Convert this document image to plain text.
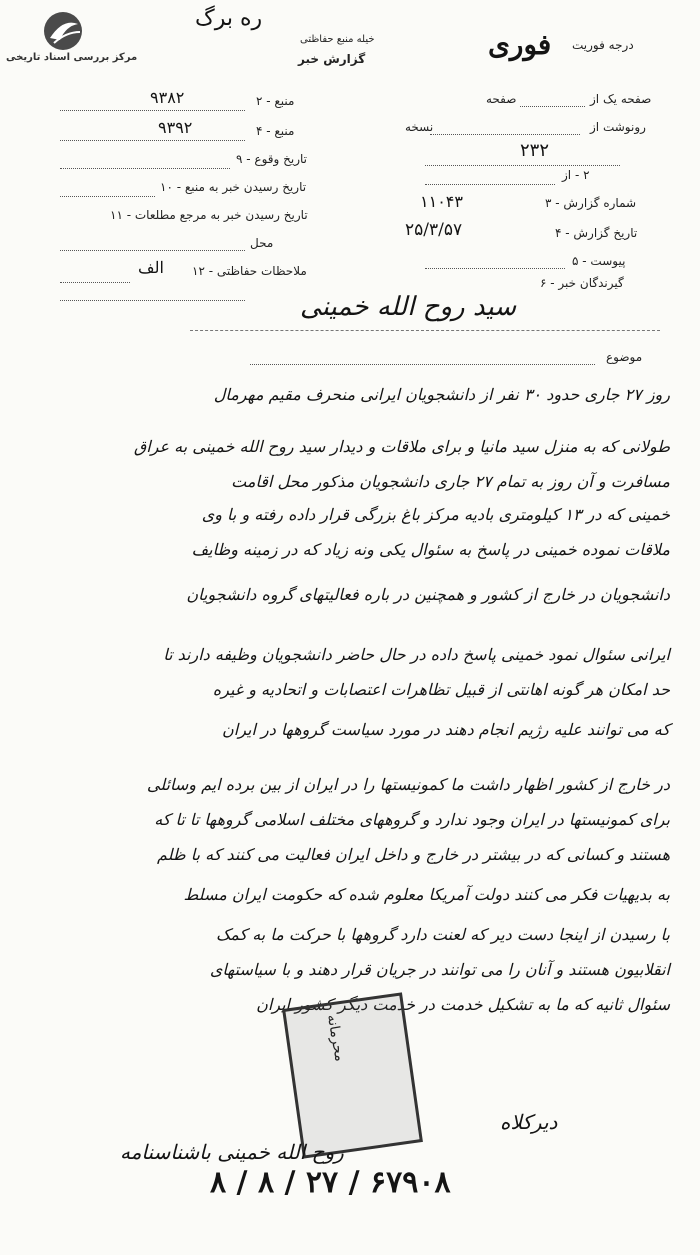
مرکز بررسی اسناد تاریخی
ره برگ
فوری درجه فوریت
خیله منبع حفاظتی
گزارش خبر
صفحه یک از
صفحه
رونوشت از
نسخه
۲۳۲
۲ - منبع
۹۳۸۲
۴ - منبع
۹۳۹۲
۹ - تاریخ وقوع
۱۰ - تاریخ رسیدن خبر به منبع
۱۱ - تاریخ رسیدن خبر به مرجع مطلعات
محل
۱۲ - ملاحظات حفاظتی
الف
٢ - از
۳ - شماره گزارش
۱۱۰۴۳
۴ - تاریخ گزارش
۲۵/۳/۵۷
۵ - پیوست
۶ - گیرندگان خبر
سید روح الله خمینی
موضوع
روز ۲۷ جاری حدود ۳۰ نفر از دانشجویان ایرانی منحرف مقیم مهرمال
طولانی که به منزل سید مانیا و برای ملاقات و دیدار سید روح الله خمینی به عراق
مسافرت و آن روز به تمام ۲۷ جاری دانشجویان مذکور محل اقامت
خمینی که در ۱۳ کیلومتری بادیه مرکز باغ بزرگی قرار داده رفته و با وی
ملاقات نموده خمینی در پاسخ به سئوال یکی ونه زیاد که در زمینه وظایف
دانشجویان در خارج از کشور و همچنین در باره فعالیتهای گروه دانشجویان
ایرانی سئوال نمود خمینی پاسخ داده در حال حاضر دانشجویان وظیفه دارند تا
حد امکان هر گونه اهانتی از قبیل تظاهرات اعتصابات و اتحادیه و غیره
که می توانند علیه رژیم انجام دهند در مورد سیاست گروهها در ایران
در خارج از کشور اظهار داشت ما کمونیستها را در ایران از بین برده ایم وسائلی
برای کمونیستها در ایران وجود ندارد و گروههای مختلف اسلامی گروهها تا تا که
هستند و کسانی که در بیشتر در خارج و داخل ایران فعالیت می کنند که با ظلم
به بدیهیات فکر می کنند دولت آمریکا معلوم شده که حکومت ایران مسلط
با رسیدن از اینجا دست دیر که لعنت دارد گروهها با حرکت ما به کمک
انقلابیون هستند و آنان را می توانند در جریان قرار دهند و با سیاستهای
سئوال ثانیه که ما به تشکیل خدمت در خدمت دیگر کشور ایران
محرمانه
دیرکلاه
روح الله خمینی باشناسنامه
۸ / ۸ / ۲۷ / ۶۷۹۰۸
